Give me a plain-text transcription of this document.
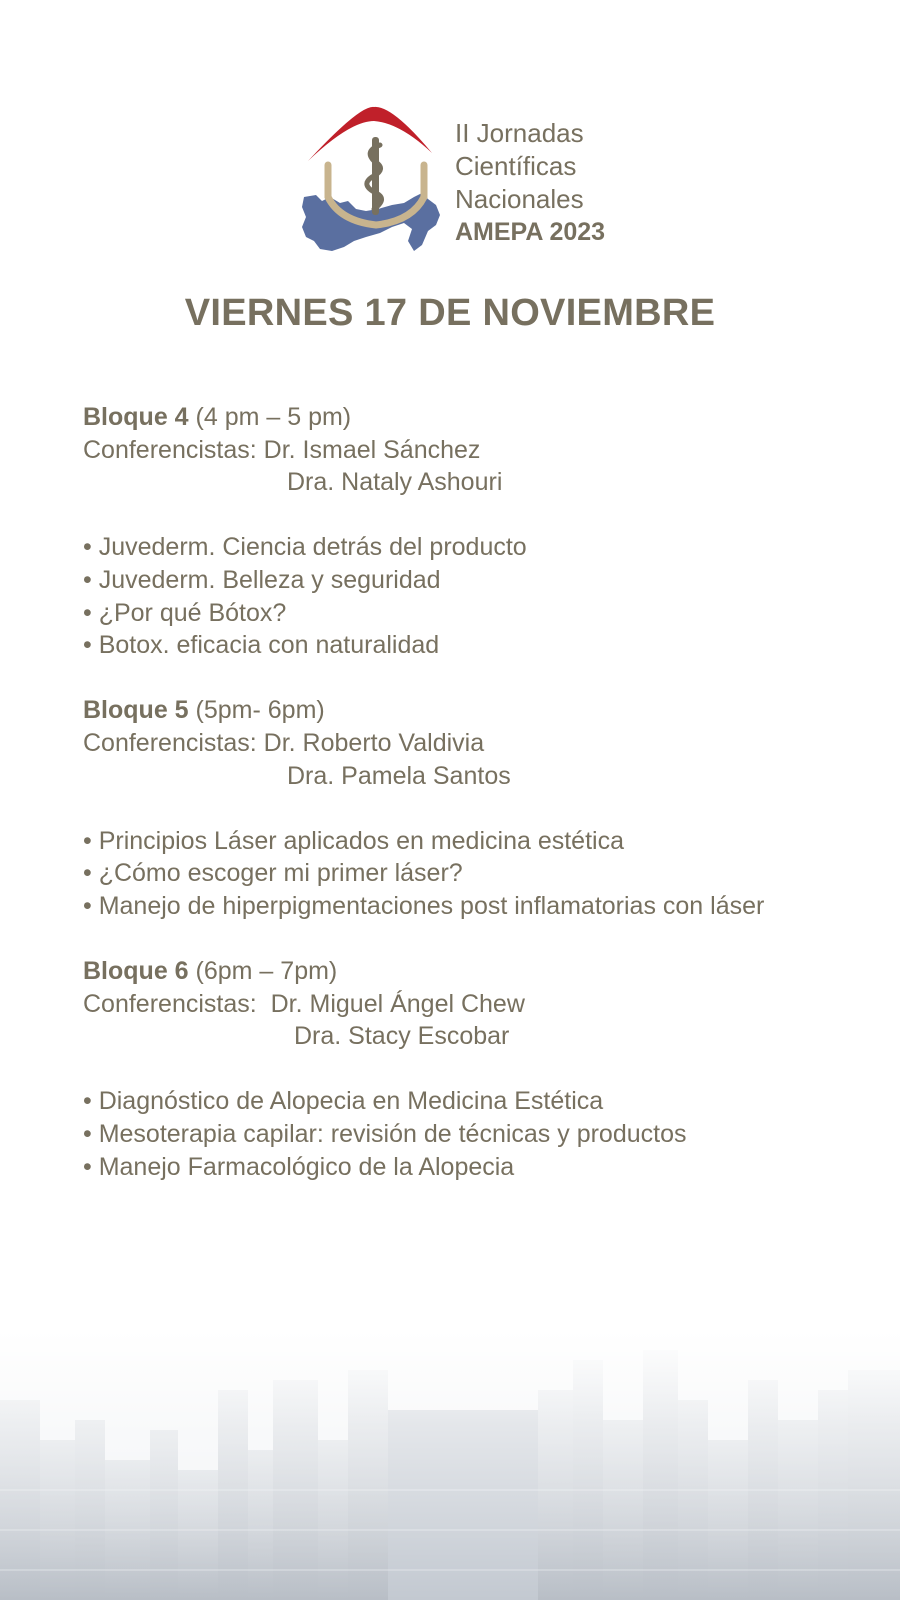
II Jornadas
Científicas
Nacionales
AMEPA 2023
VIERNES 17 DE NOVIEMBRE
Bloque 4 (4 pm – 5 pm)
Conferencistas: Dr. Ismael Sánchez
Dra. Nataly Ashouri
• Juvederm. Ciencia detrás del producto
• Juvederm. Belleza y seguridad
• ¿Por qué Bótox?
• Botox. eficacia con naturalidad
Bloque 5 (5pm- 6pm)
Conferencistas: Dr. Roberto Valdivia
Dra. Pamela Santos
• Principios Láser aplicados en medicina estética
• ¿Cómo escoger mi primer láser?
• Manejo de hiperpigmentaciones post inflamatorias con láser
Bloque 6 (6pm – 7pm)
Conferencistas: Dr. Miguel Ángel Chew
Dra. Stacy Escobar
• Diagnóstico de Alopecia en Medicina Estética
• Mesoterapia capilar: revisión de técnicas y productos
• Manejo Farmacológico de la Alopecia
